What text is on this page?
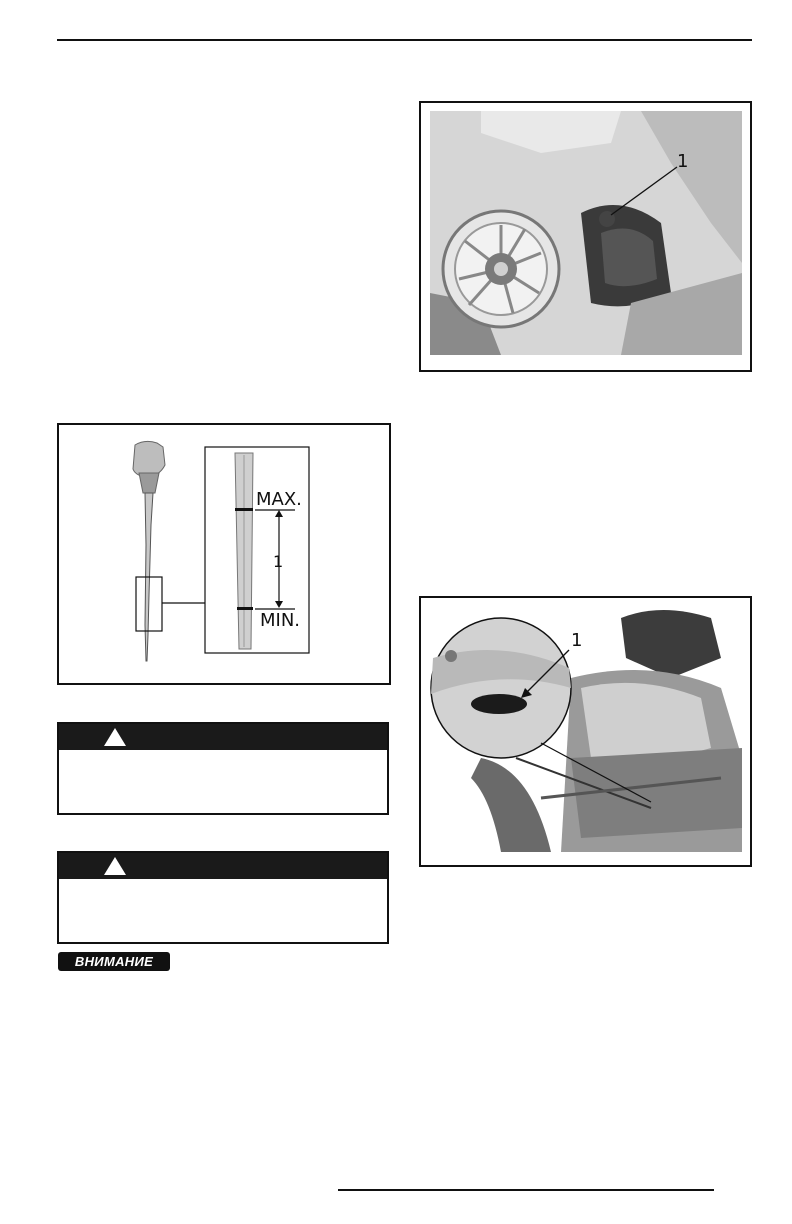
MAX.
MIN.
1
1
1
ВНИМАНИЕ
